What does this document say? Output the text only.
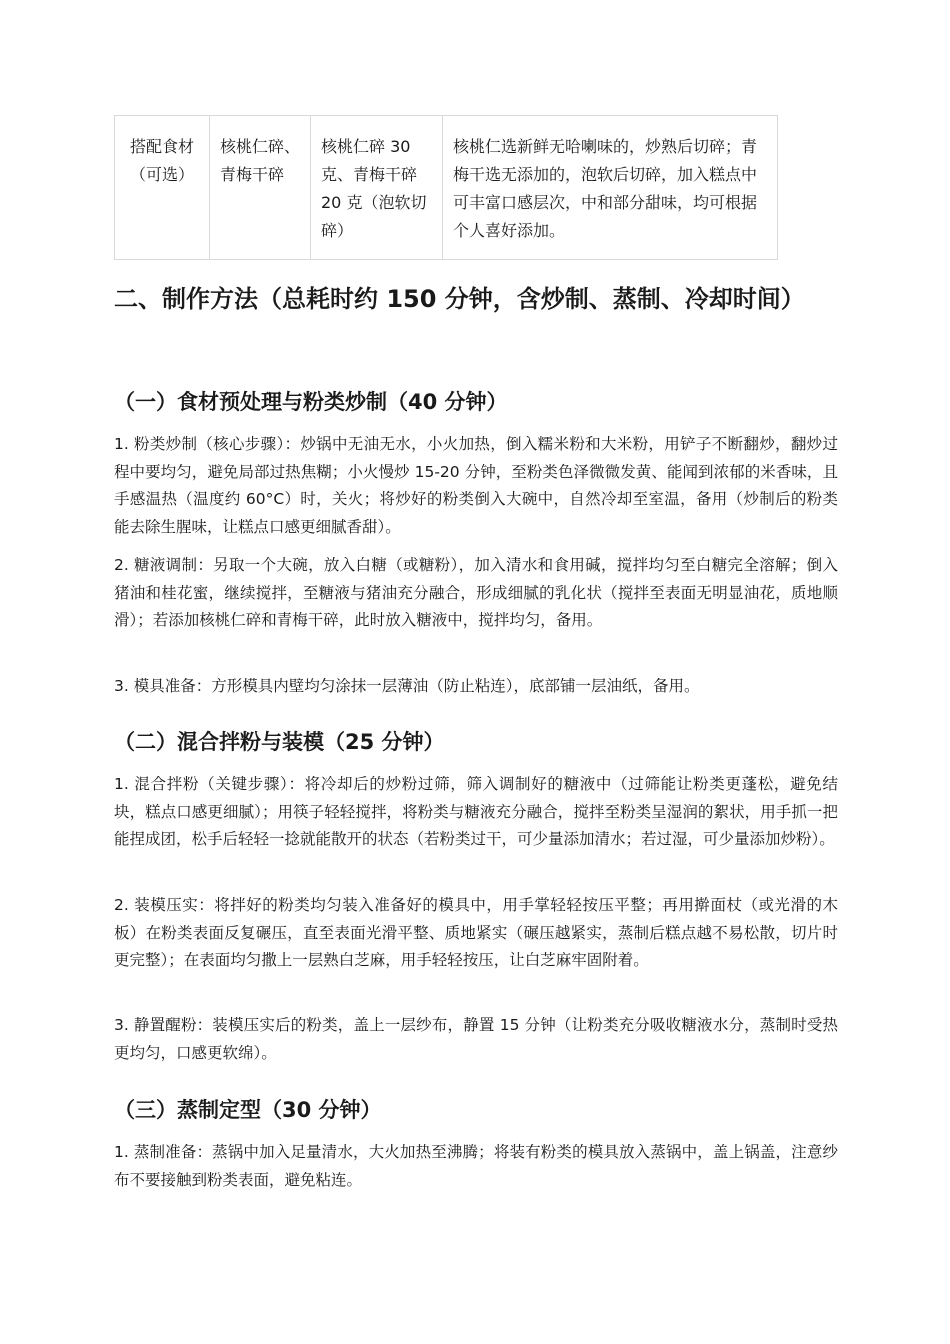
搭配食材（可选）	核桃仁碎、青梅干碎	核桃仁碎 30 克、青梅干碎 20 克（泡软切碎）	核桃仁选新鲜无哈喇味的，炒熟后切碎；青梅干选无添加的，泡软后切碎，加入糕点中可丰富口感层次，中和部分甜味，均可根据个人喜好添加。
二、制作方法（总耗时约 150 分钟，含炒制、蒸制、冷却时间）
（一）食材预处理与粉类炒制（40 分钟）

1. 粉类炒制（核心步骤）：炒锅中无油无水，小火加热，倒入糯米粉和大米粉，用铲子不断翻炒，翻炒过程中要均匀，避免局部过热焦糊；小火慢炒 15-20 分钟，至粉类色泽微微发黄、能闻到浓郁的米香味，且手感温热（温度约 60°C）时，关火；将炒好的粉类倒入大碗中，自然冷却至室温，备用（炒制后的粉类能去除生腥味，让糕点口感更细腻香甜）。

2. 糖液调制：另取一个大碗，放入白糖（或糖粉），加入清水和食用碱，搅拌均匀至白糖完全溶解；倒入猪油和桂花蜜，继续搅拌，至糖液与猪油充分融合，形成细腻的乳化状（搅拌至表面无明显油花，质地顺滑）；若添加核桃仁碎和青梅干碎，此时放入糖液中，搅拌均匀，备用。

3. 模具准备：方形模具内壁均匀涂抹一层薄油（防止粘连），底部铺一层油纸，备用。

（二）混合拌粉与装模（25 分钟）

1. 混合拌粉（关键步骤）：将冷却后的炒粉过筛，筛入调制好的糖液中（过筛能让粉类更蓬松，避免结块，糕点口感更细腻）；用筷子轻轻搅拌，将粉类与糖液充分融合，搅拌至粉类呈湿润的絮状，用手抓一把能捏成团，松手后轻轻一捻就能散开的状态（若粉类过干，可少量添加清水；若过湿，可少量添加炒粉）。

2. 装模压实：将拌好的粉类均匀装入准备好的模具中，用手掌轻轻按压平整；再用擀面杖（或光滑的木板）在粉类表面反复碾压，直至表面光滑平整、质地紧实（碾压越紧实，蒸制后糕点越不易松散，切片时更完整）；在表面均匀撒上一层熟白芝麻，用手轻轻按压，让白芝麻牢固附着。

3. 静置醒粉：装模压实后的粉类，盖上一层纱布，静置 15 分钟（让粉类充分吸收糖液水分，蒸制时受热更均匀，口感更软绵）。

（三）蒸制定型（30 分钟）

1. 蒸制准备：蒸锅中加入足量清水，大火加热至沸腾；将装有粉类的模具放入蒸锅中，盖上锅盖，注意纱布不要接触到粉类表面，避免粘连。
